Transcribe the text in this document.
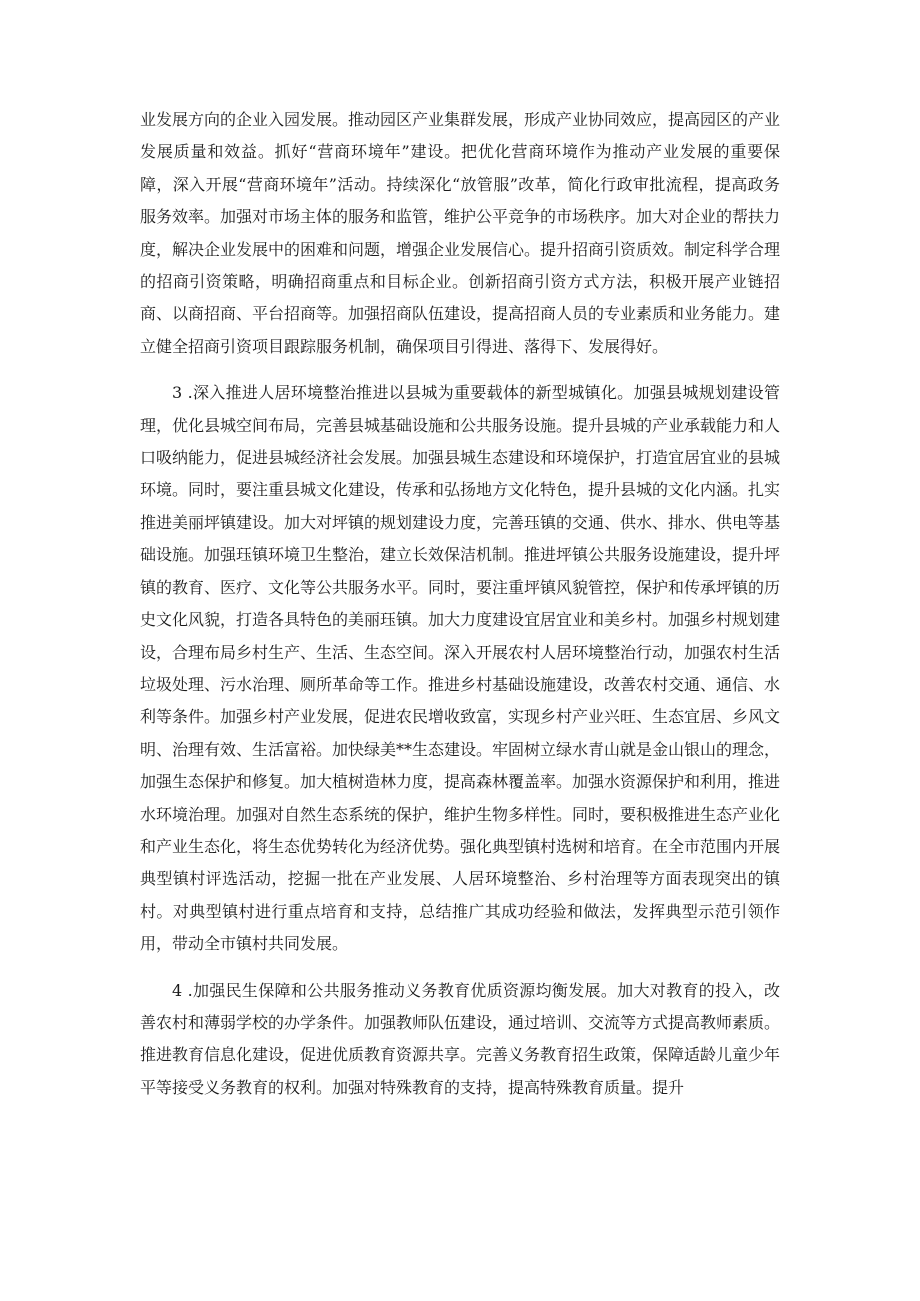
业发展方向的企业入园发展。推动园区产业集群发展，形成产业协同效应，提高园区的产业发展质量和效益。抓好“营商环境年”建设。把优化营商环境作为推动产业发展的重要保障，深入开展“营商环境年”活动。持续深化“放管服”改革，简化行政审批流程，提高政务服务效率。加强对市场主体的服务和监管，维护公平竞争的市场秩序。加大对企业的帮扶力度，解决企业发展中的困难和问题，增强企业发展信心。提升招商引资质效。制定科学合理的招商引资策略，明确招商重点和目标企业。创新招商引资方式方法，积极开展产业链招商、以商招商、平台招商等。加强招商队伍建设，提高招商人员的专业素质和业务能力。建立健全招商引资项目跟踪服务机制，确保项目引得进、落得下、发展得好。

3 .深入推进人居环境整治推进以县城为重要载体的新型城镇化。加强县城规划建设管理，优化县城空间布局，完善县城基础设施和公共服务设施。提升县城的产业承载能力和人口吸纳能力，促进县城经济社会发展。加强县城生态建设和环境保护，打造宜居宜业的县城环境。同时，要注重县城文化建设，传承和弘扬地方文化特色，提升县城的文化内涵。扎实推进美丽坪镇建设。加大对坪镇的规划建设力度，完善珏镇的交通、供水、排水、供电等基础设施。加强珏镇环境卫生整治，建立长效保洁机制。推进坪镇公共服务设施建设，提升坪镇的教育、医疗、文化等公共服务水平。同时，要注重坪镇风貌管控，保护和传承坪镇的历史文化风貌，打造各具特色的美丽珏镇。加大力度建设宜居宜业和美乡村。加强乡村规划建设，合理布局乡村生产、生活、生态空间。深入开展农村人居环境整治行动，加强农村生活垃圾处理、污水治理、厕所革命等工作。推进乡村基础设施建设，改善农村交通、通信、水利等条件。加强乡村产业发展，促进农民增收致富，实现乡村产业兴旺、生态宜居、乡风文明、治理有效、生活富裕。加快绿美**生态建设。牢固树立绿水青山就是金山银山的理念，加强生态保护和修复。加大植树造林力度，提高森林覆盖率。加强水资源保护和利用，推进水环境治理。加强对自然生态系统的保护，维护生物多样性。同时，要积极推进生态产业化和产业生态化，将生态优势转化为经济优势。强化典型镇村选树和培育。在全市范围内开展典型镇村评选活动，挖掘一批在产业发展、人居环境整治、乡村治理等方面表现突出的镇村。对典型镇村进行重点培育和支持，总结推广其成功经验和做法，发挥典型示范引领作用，带动全市镇村共同发展。

4 .加强民生保障和公共服务推动义务教育优质资源均衡发展。加大对教育的投入，改善农村和薄弱学校的办学条件。加强教师队伍建设，通过培训、交流等方式提高教师素质。推进教育信息化建设，促进优质教育资源共享。完善义务教育招生政策，保障适龄儿童少年平等接受义务教育的权利。加强对特殊教育的支持，提高特殊教育质量。提升
